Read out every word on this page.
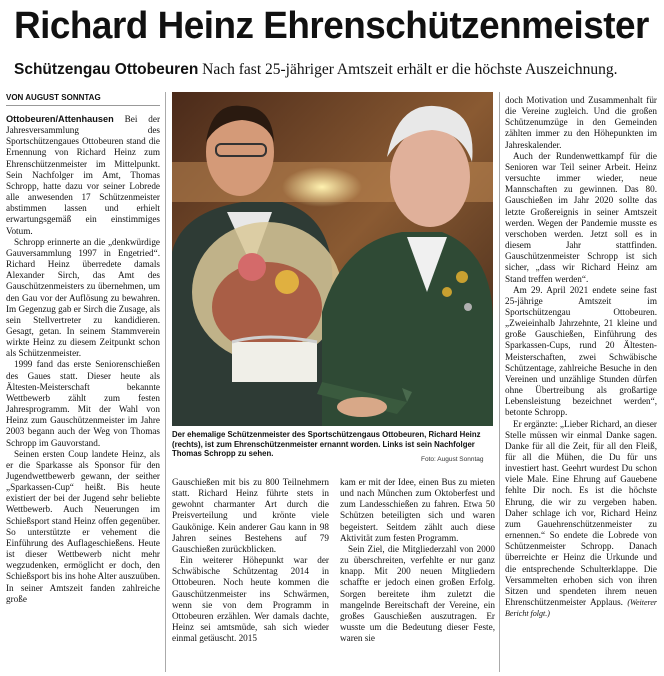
Richard Heinz Ehrenschützenmeister
Schützengau Ottobeuren Nach fast 25-jähriger Amtszeit erhält er die höchste Auszeichnung.
VON AUGUST SONNTAG

Ottobeuren/Attenhausen Bei der Jahresversammlung des Sportschützengaues Ottobeuren stand die Ernennung von Richard Heinz zum Ehrenschützenmeister im Mittelpunkt. Sein Nachfolger im Amt, Thomas Schropp, hatte dazu vor seiner Lobrede alle anwesenden 17 Schützenmeister abstimmen lassen und erhielt erwartungsgemäß ein einstimmiges Votum.

Schropp erinnerte an die „denkwürdige Gauversammlung 1997 in Engetried“. Richard Heinz überredete damals Alexander Sirch, das Amt des Gauschützenmeisters zu übernehmen, um den Gau vor der Auflösung zu bewahren. Im Gegenzug gab er Sirch die Zusage, als sein Stellvertreter zu kandidieren. Gesagt, getan. In seinem Stammverein wirkte Heinz zu diesem Zeitpunkt schon als Schützenmeister.

1999 fand das erste Seniorenschießen des Gaues statt. Dieser heute als Ältesten-Meisterschaft bekannte Wettbewerb zählt zum festen Jahresprogramm. Mit der Wahl von Heinz zum Gauschützenmeister im Jahre 2003 begann auch der Weg von Thomas Schropp im Gauvorstand.

Seinen ersten Coup landete Heinz, als er die Sparkasse als Sponsor für den Jugendwettbewerb gewann, der seither „Sparkassen-Cup“ heißt. Bis heute existiert der bei der Jugend sehr beliebte Wettbewerb. Auch Neuerungen im Schießsport stand Heinz offen gegenüber. So unterstützte er vehement die Einführung des Auflageschießens. Heute ist dieser Wettbewerb nicht mehr wegzudenken, ermöglicht er doch, den Schießsport bis ins hohe Alter auszuüben. In seiner Amtszeit fanden zahlreiche große

Der ehemalige Schützenmeister des Sportschützengaus Ottobeuren, Richard Heinz (rechts), ist zum Ehrenschützenmeister ernannt worden. Links ist sein Nachfolger Thomas Schropp zu sehen.
Foto: August Sonntag

Gauschießen mit bis zu 800 Teilnehmern statt. Richard Heinz führte stets in gewohnt charmanter Art durch die Preisverteilung und krönte viele Gaukönige. Kein anderer Gau kann in 98 Jahren seines Bestehens auf 79 Gauschießen zurückblicken.

Ein weiterer Höhepunkt war der Schwäbische Schützentag 2014 in Ottobeuren. Noch heute kommen die Gauschützenmeister ins Schwärmen, wenn sie von dem Programm in Ottobeuren erzählen. Wer damals dachte, Heinz sei amtsmüde, sah sich wieder einmal getäuscht. 2015

kam er mit der Idee, einen Bus zu mieten und nach München zum Oktoberfest und zum Landesschießen zu fahren. Etwa 50 Schützen beteiligten sich und waren begeistert. Seitdem zählt auch diese Aktivität zum festen Programm.

Sein Ziel, die Mitgliederzahl von 2000 zu überschreiten, verfehlte er nur ganz knapp. Mit 200 neuen Mitgliedern schaffte er jedoch einen großen Erfolg. Sorgen bereitete ihm zuletzt die mangelnde Bereitschaft der Vereine, ein großes Gauschießen auszutragen. Er wusste um die Bedeutung dieser Feste, waren sie

doch Motivation und Zusammenhalt für die Vereine zugleich. Und die großen Schützenumzüge in den Gemeinden zählten immer zu den Höhepunkten im Jahreskalender.

Auch der Rundenwettkampf für die Senioren war Teil seiner Arbeit. Heinz versuchte immer wieder, neue Mannschaften zu gewinnen. Das 80. Gauschießen im Jahr 2020 sollte das letzte Großereignis in seiner Amtszeit werden. Wegen der Pandemie musste es verschoben werden. Jetzt soll es in diesem Jahr stattfinden. Gauschützenmeister Schropp ist sich sicher, „dass wir Richard Heinz am Stand treffen werden“.

Am 29. April 2021 endete seine fast 25-jährige Amtszeit im Sportschützengau Ottobeuren. „Zweieinhalb Jahrzehnte, 21 kleine und große Gauschießen, Einführung des Sparkassen-Cups, rund 20 Ältesten-Meisterschaften, zwei Schwäbische Schützentage, zahlreiche Besuche in den Vereinen und unzählige Stunden dürfen ohne Übertreibung als großartige Lebensleistung bezeichnet werden“, betonte Schropp.

Er ergänzte: „Lieber Richard, an dieser Stelle müssen wir einmal Danke sagen. Danke für all die Zeit, für all den Fleiß, für all die Mühen, die Du für uns investiert hast. Geehrt wurdest Du schon viele Male. Eine Ehrung auf Gauebene fehlte Dir noch. Es ist die höchste Ehrung, die wir zu vergeben haben. Daher schlage ich vor, Richard Heinz zum Gauehrenschützenmeister zu ernennen.“ So endete die Lobrede von Schützenmeister Schropp. Danach überreichte er Heinz die Urkunde und die entsprechende Schulterklappe. Die Versammelten erhoben sich von ihren Sitzen und spendeten ihrem neuen Ehrenschützenmeister Applaus. (Weiterer Bericht folgt.)
